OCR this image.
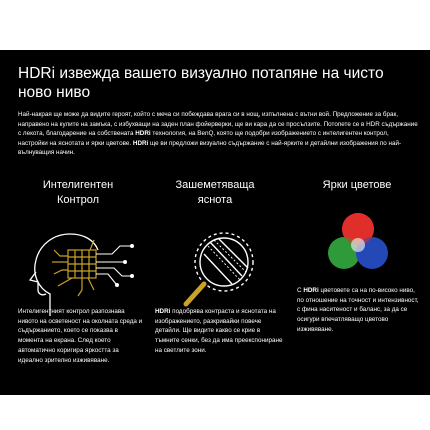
HDRi извежда вашето визуално потапяне на чисто ново ниво

Най-накрая ще може да видите героят, който с меча си побеждава врага си в нощ, изпълнена с вътни вой. Предложение за брак, направено на кулите на замъка, с избухващи на заден план фойерверки, ще ви кара да се просълзите. Потопете се в HDR съдържание с лекота, благодарение на собствената HDRi технология, на BenQ, която ще подобри изображението с интелигентен контрол, настройки на яснотата и ярки цветове. HDRi ще ви предложи визуално съдържание с най-ярките и детайлни изображения по най-вълнуващия начин.

Интелигентен
Контрол

Интелигентният контрол разпознава нивото на осветеност на околната среда и съдържанието, което се показва в момента на екрана. След което автоматично коригира яркостта за идеално зрително изживяване.

Зашеметяваща
яснота

HDRi подобрява контраста и яснотата на изображението, разкривайки повече детайли. Ще видите какво се крие в тъмните сенки, без да има преекспониране на светлите зони.

Ярки цветове

С HDRi цветовете са на по-високо ниво, по отношение на точност и интензивност, с фина наситеност и баланс, за да се осигури впечатляващо цветово изживяване.
